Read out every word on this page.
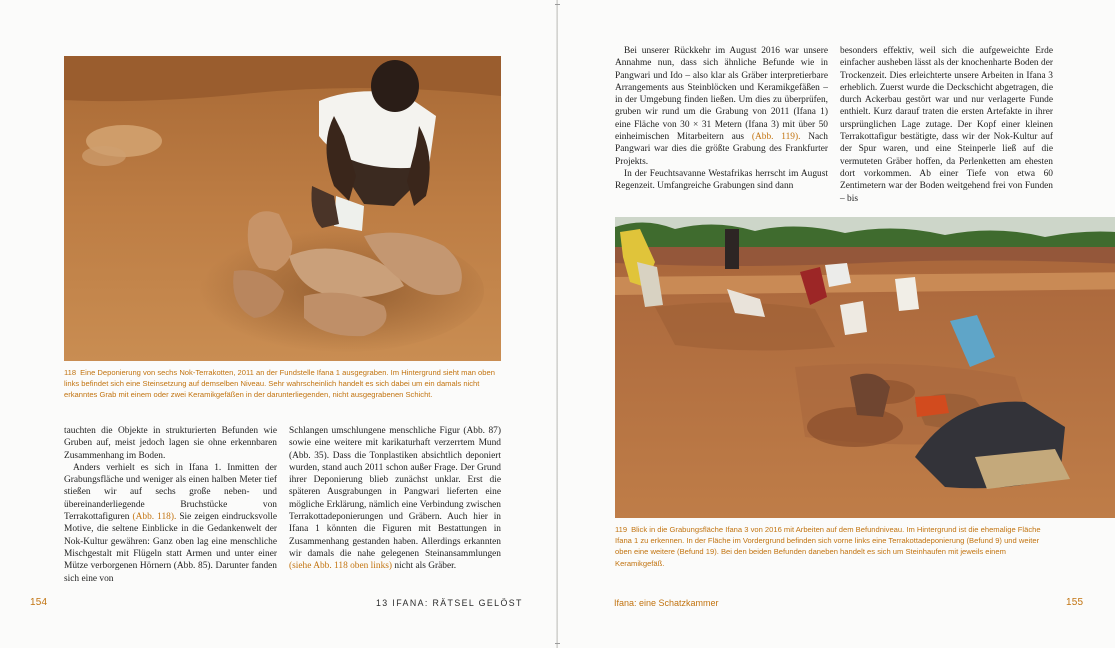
118 Eine Deponierung von sechs Nok-Terrakotten, 2011 an der Fundstelle Ifana 1 ausgegraben. Im Hintergrund sieht man oben links befindet sich eine Steinsetzung auf demselben Niveau. Sehr wahrscheinlich handelt es sich dabei um ein damals nicht erkanntes Grab mit einem oder zwei Keramikgefäßen in der darunterliegenden, nicht ausgegrabenen Schicht.

tauchten die Objekte in strukturierten Befunden wie Gruben auf, meist jedoch lagen sie ohne erkennbaren Zusammenhang im Boden.

Anders verhielt es sich in Ifana 1. Inmitten der Grabungsfläche und weniger als einen halben Meter tief stießen wir auf sechs große neben- und übereinanderliegende Bruchstücke von Terrakottafiguren (Abb. 118). Sie zeigen eindrucksvolle Motive, die seltene Einblicke in die Gedankenwelt der Nok-Kultur gewähren: Ganz oben lag eine menschliche Mischgestalt mit Flügeln statt Armen und unter einer Mütze verborgenen Hörnern (Abb. 85). Darunter fanden sich eine von

Schlangen umschlungene menschliche Figur (Abb. 87) sowie eine weitere mit karikaturhaft verzerrtem Mund (Abb. 35). Dass die Tonplastiken absichtlich deponiert wurden, stand auch 2011 schon außer Frage. Der Grund ihrer Deponierung blieb zunächst unklar. Erst die späteren Ausgrabungen in Pangwari lieferten eine mögliche Erklärung, nämlich eine Verbindung zwischen Terrakottadeponierungen und Gräbern. Auch hier in Ifana 1 könnten die Figuren mit Bestattungen in Zusammenhang gestanden haben. Allerdings erkannten wir damals die nahe gelegenen Steinansammlungen (siehe Abb. 118 oben links) nicht als Gräber.

154	13 IFANA: RÄTSEL GELÖST

Bei unserer Rückkehr im August 2016 war unsere Annahme nun, dass sich ähnliche Befunde wie in Pangwari und Ido – also klar als Gräber interpretierbare Arrangements aus Steinblöcken und Keramikgefäßen – in der Umgebung finden ließen. Um dies zu überprüfen, gruben wir rund um die Grabung von 2011 (Ifana 1) eine Fläche von 30 × 31 Metern (Ifana 3) mit über 50 einheimischen Mitarbeitern aus (Abb. 119). Nach Pangwari war dies die größte Grabung des Frankfurter Projekts.

In der Feuchtsavanne Westafrikas herrscht im August Regenzeit. Umfangreiche Grabungen sind dann

besonders effektiv, weil sich die aufgeweichte Erde einfacher ausheben lässt als der knochenharte Boden der Trockenzeit. Dies erleichterte unsere Arbeiten in Ifana 3 erheblich. Zuerst wurde die Deckschicht abgetragen, die durch Ackerbau gestört war und nur verlagerte Funde enthielt. Kurz darauf traten die ersten Artefakte in ihrer ursprünglichen Lage zutage. Der Kopf einer kleinen Terrakottafigur bestätigte, dass wir der Nok-Kultur auf der Spur waren, und eine Steinperle ließ auf die vermuteten Gräber hoffen, da Perlenketten am ehesten dort vorkommen. Ab einer Tiefe von etwa 60 Zentimetern war der Boden weitgehend frei von Funden – bis

119 Blick in die Grabungsfläche Ifana 3 von 2016 mit Arbeiten auf dem Befundniveau. Im Hintergrund ist die ehemalige Fläche Ifana 1 zu erkennen. In der Fläche im Vordergrund befinden sich vorne links eine Terrakottadeponierung (Befund 9) und weiter oben eine weitere (Befund 19). Bei den beiden Befunden daneben handelt es sich um Steinhaufen mit jeweils einem Keramikgefäß.
Ifana: eine Schatzkammer	155
